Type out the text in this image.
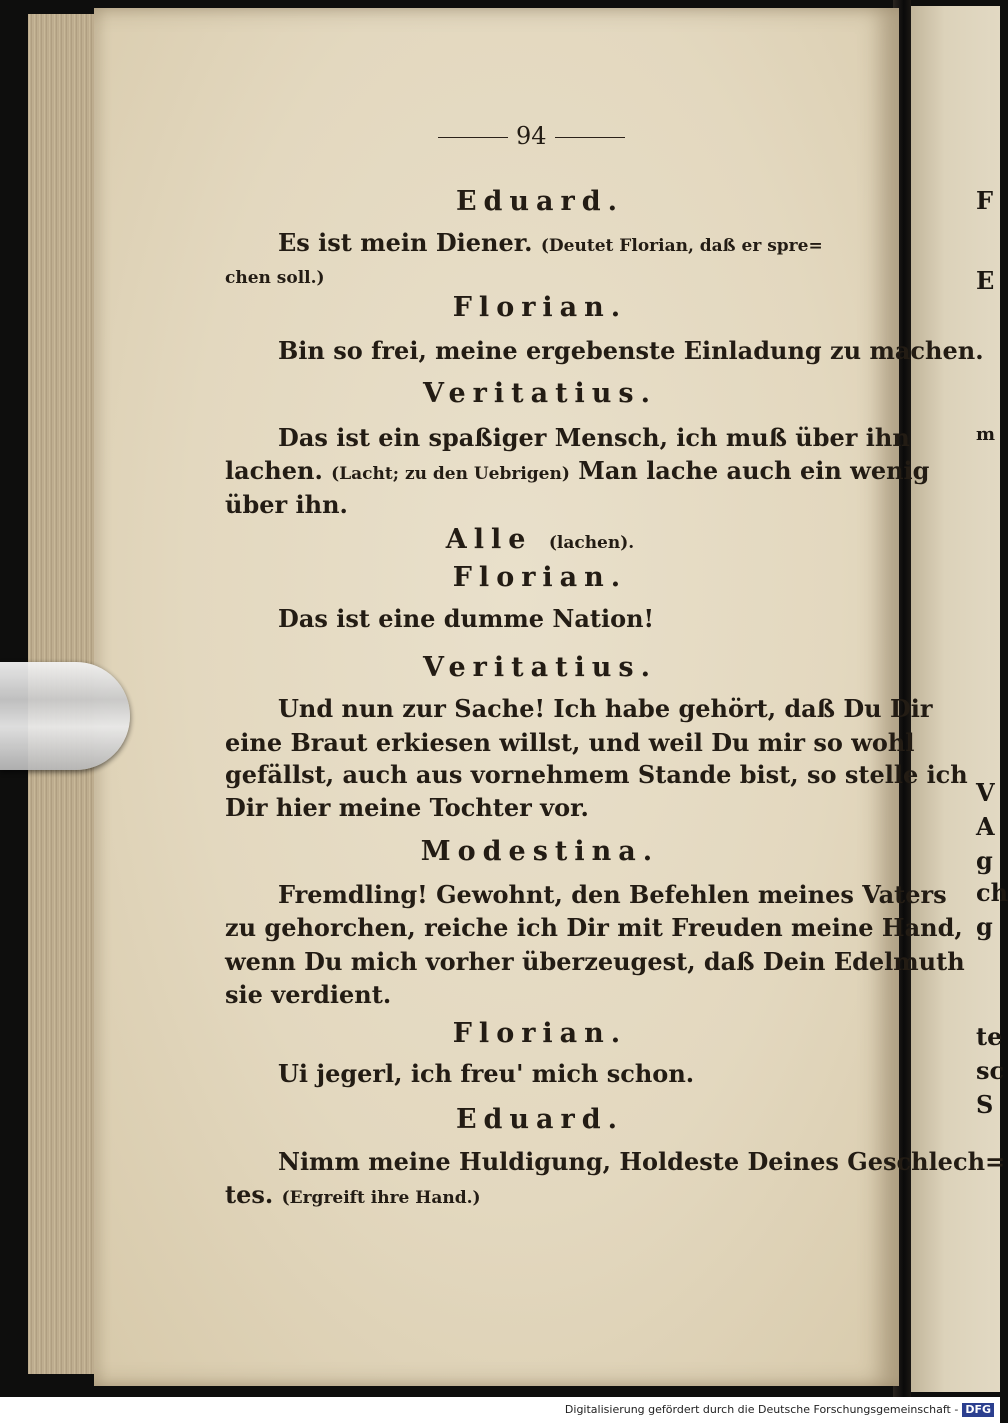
94
Eduard.
Es ist mein Diener. (Deutet Florian, daß er spre=
chen soll.)
Florian.
Bin so frei, meine ergebenste Einladung zu machen.
Veritatius.
Das ist ein spaßiger Mensch, ich muß über ihn
lachen. (Lacht; zu den Uebrigen) Man lache auch ein wenig
über ihn.
Alle (lachen).
Florian.
Das ist eine dumme Nation!
Veritatius.
Und nun zur Sache! Ich habe gehört, daß Du Dir
eine Braut erkiesen willst, und weil Du mir so wohl
gefällst, auch aus vornehmem Stande bist, so stelle ich
Dir hier meine Tochter vor.
Modestina.
Fremdling! Gewohnt, den Befehlen meines Vaters
zu gehorchen, reiche ich Dir mit Freuden meine Hand,
wenn Du mich vorher überzeugest, daß Dein Edelmuth
sie verdient.
Florian.
Ui jegerl, ich freu' mich schon.
Eduard.
Nimm meine Huldigung, Holdeste Deines Geschlech=
tes. (Ergreift ihre Hand.)
F
E
m
V
A
g
ch
g
te
sc
S
Digitalisierung gefördert durch die Deutsche Forschungsgemeinschaft - DFG
